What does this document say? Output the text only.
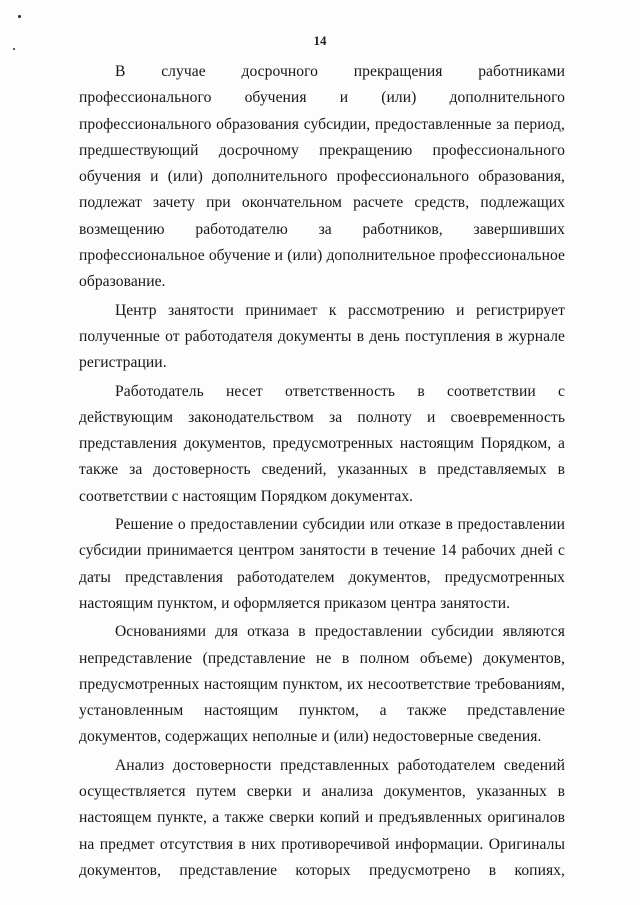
14

В случае досрочного прекращения работниками профессионального обучения и (или) дополнительного профессионального образования субсидии, предоставленные за период, предшествующий досрочному прекращению профессионального обучения и (или) дополнительного профессионального образования, подлежат зачету при окончательном расчете средств, подлежащих возмещению работодателю за работников, завершивших профессиональное обучение и (или) дополнительное профессиональное образование.

Центр занятости принимает к рассмотрению и регистрирует полученные от работодателя документы в день поступления в журнале регистрации.

Работодатель несет ответственность в соответствии с действующим законодательством за полноту и своевременность представления документов, предусмотренных настоящим Порядком, а также за достоверность сведений, указанных в представляемых в соответствии с настоящим Порядком документах.

Решение о предоставлении субсидии или отказе в предоставлении субсидии принимается центром занятости в течение 14 рабочих дней с даты представления работодателем документов, предусмотренных настоящим пунктом, и оформляется приказом центра занятости.

Основаниями для отказа в предоставлении субсидии являются непредставление (представление не в полном объеме) документов, предусмотренных настоящим пунктом, их несоответствие требованиям, установленным настоящим пунктом, а также представление документов, содержащих неполные и (или) недостоверные сведения.

Анализ достоверности представленных работодателем сведений осуществляется путем сверки и анализа документов, указанных в настоящем пункте, а также сверки копий и предъявленных оригиналов на предмет отсутствия в них противоречивой информации. Оригиналы документов, представление которых предусмотрено в копиях,
